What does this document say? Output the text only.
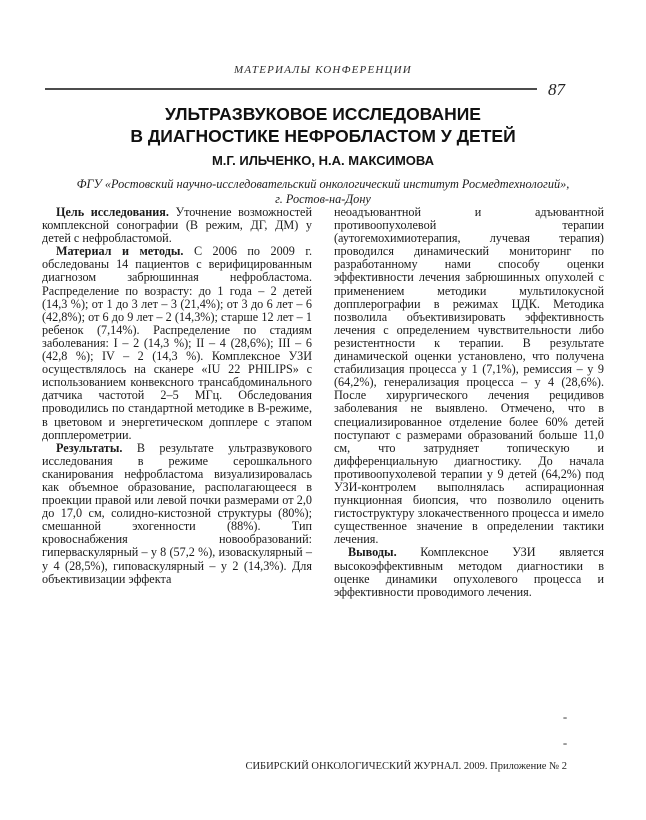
МАТЕРИАЛЫ КОНФЕРЕНЦИИ
87
УЛЬТРАЗВУКОВОЕ ИССЛЕДОВАНИЕ
В ДИАГНОСТИКЕ НЕФРОБЛАСТОМ У ДЕТЕЙ
М.Г. ИЛЬЧЕНКО, Н.А. МАКСИМОВА
ФГУ «Ростовский научно-исследовательский онкологический институт Росмедтехнологий»,
г. Ростов-на-Дону

Цель исследования. Уточнение возможностей комплексной сонографии (В режим, ДГ, ДМ) у детей с нефробластомой.

Материал и методы. С 2006 по 2009 г. обследованы 14 пациентов с верифицированным диагнозом забрюшинная нефробластома. Распределение по возрасту: до 1 года – 2 детей (14,3 %); от 1 до 3 лет – 3 (21,4%); от 3 до 6 лет – 6 (42,8%); от 6 до 9 лет – 2 (14,3%); старше 12 лет – 1 ребенок (7,14%). Распределение по стадиям заболевания: I – 2 (14,3 %); II – 4 (28,6%); III – 6 (42,8 %); IV – 2 (14,3 %). Комплексное УЗИ осуществлялось на сканере «IU 22 PHILIPS» с использованием конвексного трансабдоминального датчика частотой 2–5 МГц. Обследования проводились по стандартной методике в В-режиме, в цветовом и энергетическом допплере с этапом допплерометрии.

Результаты. В результате ультразвукового исследования в режиме серошкального сканирования нефробластома визуализировалась как объемное образование, располагающееся в проекции правой или левой почки размерами от 2,0 до 17,0 см, солидно-кистозной структуры (80%); смешанной эхогенности (88%). Тип кровоснабжения новообразований: гиперваскулярный – у 8 (57,2 %), изоваскулярный – у 4 (28,5%), гиповаскулярный – у 2 (14,3%). Для объективизации эффекта

неоадъювантной и адъювантной противоопухолевой терапии (аутогемохимиотерапия, лучевая терапия) проводился динамический мониторинг по разработанному нами способу оценки эффективности лечения забрюшинных опухолей с применением методики мультилокусной допплерографии в режимах ЦДК. Методика позволила объективизировать эффективность лечения с определением чувствительности либо резистентности к терапии. В результате динамической оценки установлено, что получена стабилизация процесса у 1 (7,1%), ремиссия – у 9 (64,2%), генерализация процесса – у 4 (28,6%). После хирургического лечения рецидивов заболевания не выявлено. Отмечено, что в специализированное отделение более 60% детей поступают с размерами образований больше 11,0 см, что затрудняет топическую и дифференциальную диагностику. До начала противоопухолевой терапии у 9 детей (64,2%) под УЗИ-контролем выполнялась аспирационная пункционная биопсия, что позволило оценить гистоструктуру злокачественного процесса и имело существенное значение в определении тактики лечения.

Выводы. Комплексное УЗИ является высокоэффективным методом диагностики в оценке динамики опухолевого процесса и эффективности проводимого лечения.

-
-
СИБИРСКИЙ ОНКОЛОГИЧЕСКИЙ ЖУРНАЛ. 2009. Приложение № 2
